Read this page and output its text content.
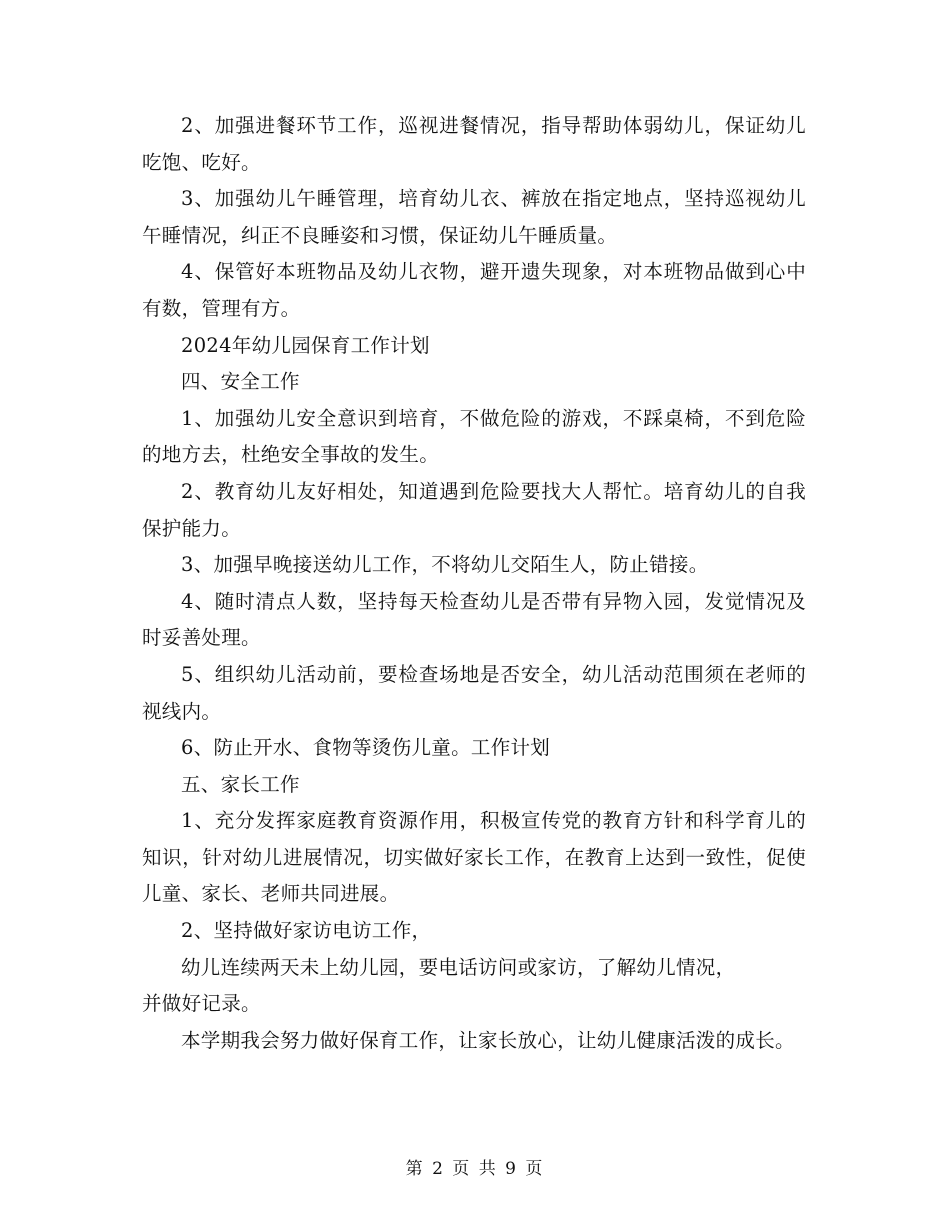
2、加强进餐环节工作，巡视进餐情况，指导帮助体弱幼儿，保证幼儿 吃饱、吃好。

3、加强幼儿午睡管理，培育幼儿衣、裤放在指定地点，坚持巡视幼儿午睡情况，纠正不良睡姿和习惯，保证幼儿午睡质量。

4、保管好本班物品及幼儿衣物，避开遗失现象，对本班物品做到心中有数，管理有方。

2024年幼儿园保育工作计划

四、安全工作

1、加强幼儿安全意识到培育，不做危险的游戏，不踩桌椅，不到危险的地方去，杜绝安全事故的发生。

2、教育幼儿友好相处，知道遇到危险要找大人帮忙。培育幼儿的自我保护能力。

3、加强早晚接送幼儿工作，不将幼儿交陌生人，防止错接。

4、随时清点人数，坚持每天检查幼儿是否带有异物入园，发觉情况及时妥善处理。

5、组织幼儿活动前，要检查场地是否安全，幼儿活动范围须在老师的视线内。

6、防止开水、食物等烫伤儿童。工作计划

五、家长工作

1、充分发挥家庭教育资源作用，积极宣传党的教育方针和科学育儿的知识，针对幼儿进展情况，切实做好家长工作，在教育上达到一致性，促使儿童、家长、老师共同进展。

2、坚持做好家访电访工作，

幼儿连续两天未上幼儿园，要电话访问或家访，了解幼儿情况，

并做好记录。

本学期我会努力做好保育工作，让家长放心，让幼儿健康活泼的成长。

第 2 页 共 9 页
